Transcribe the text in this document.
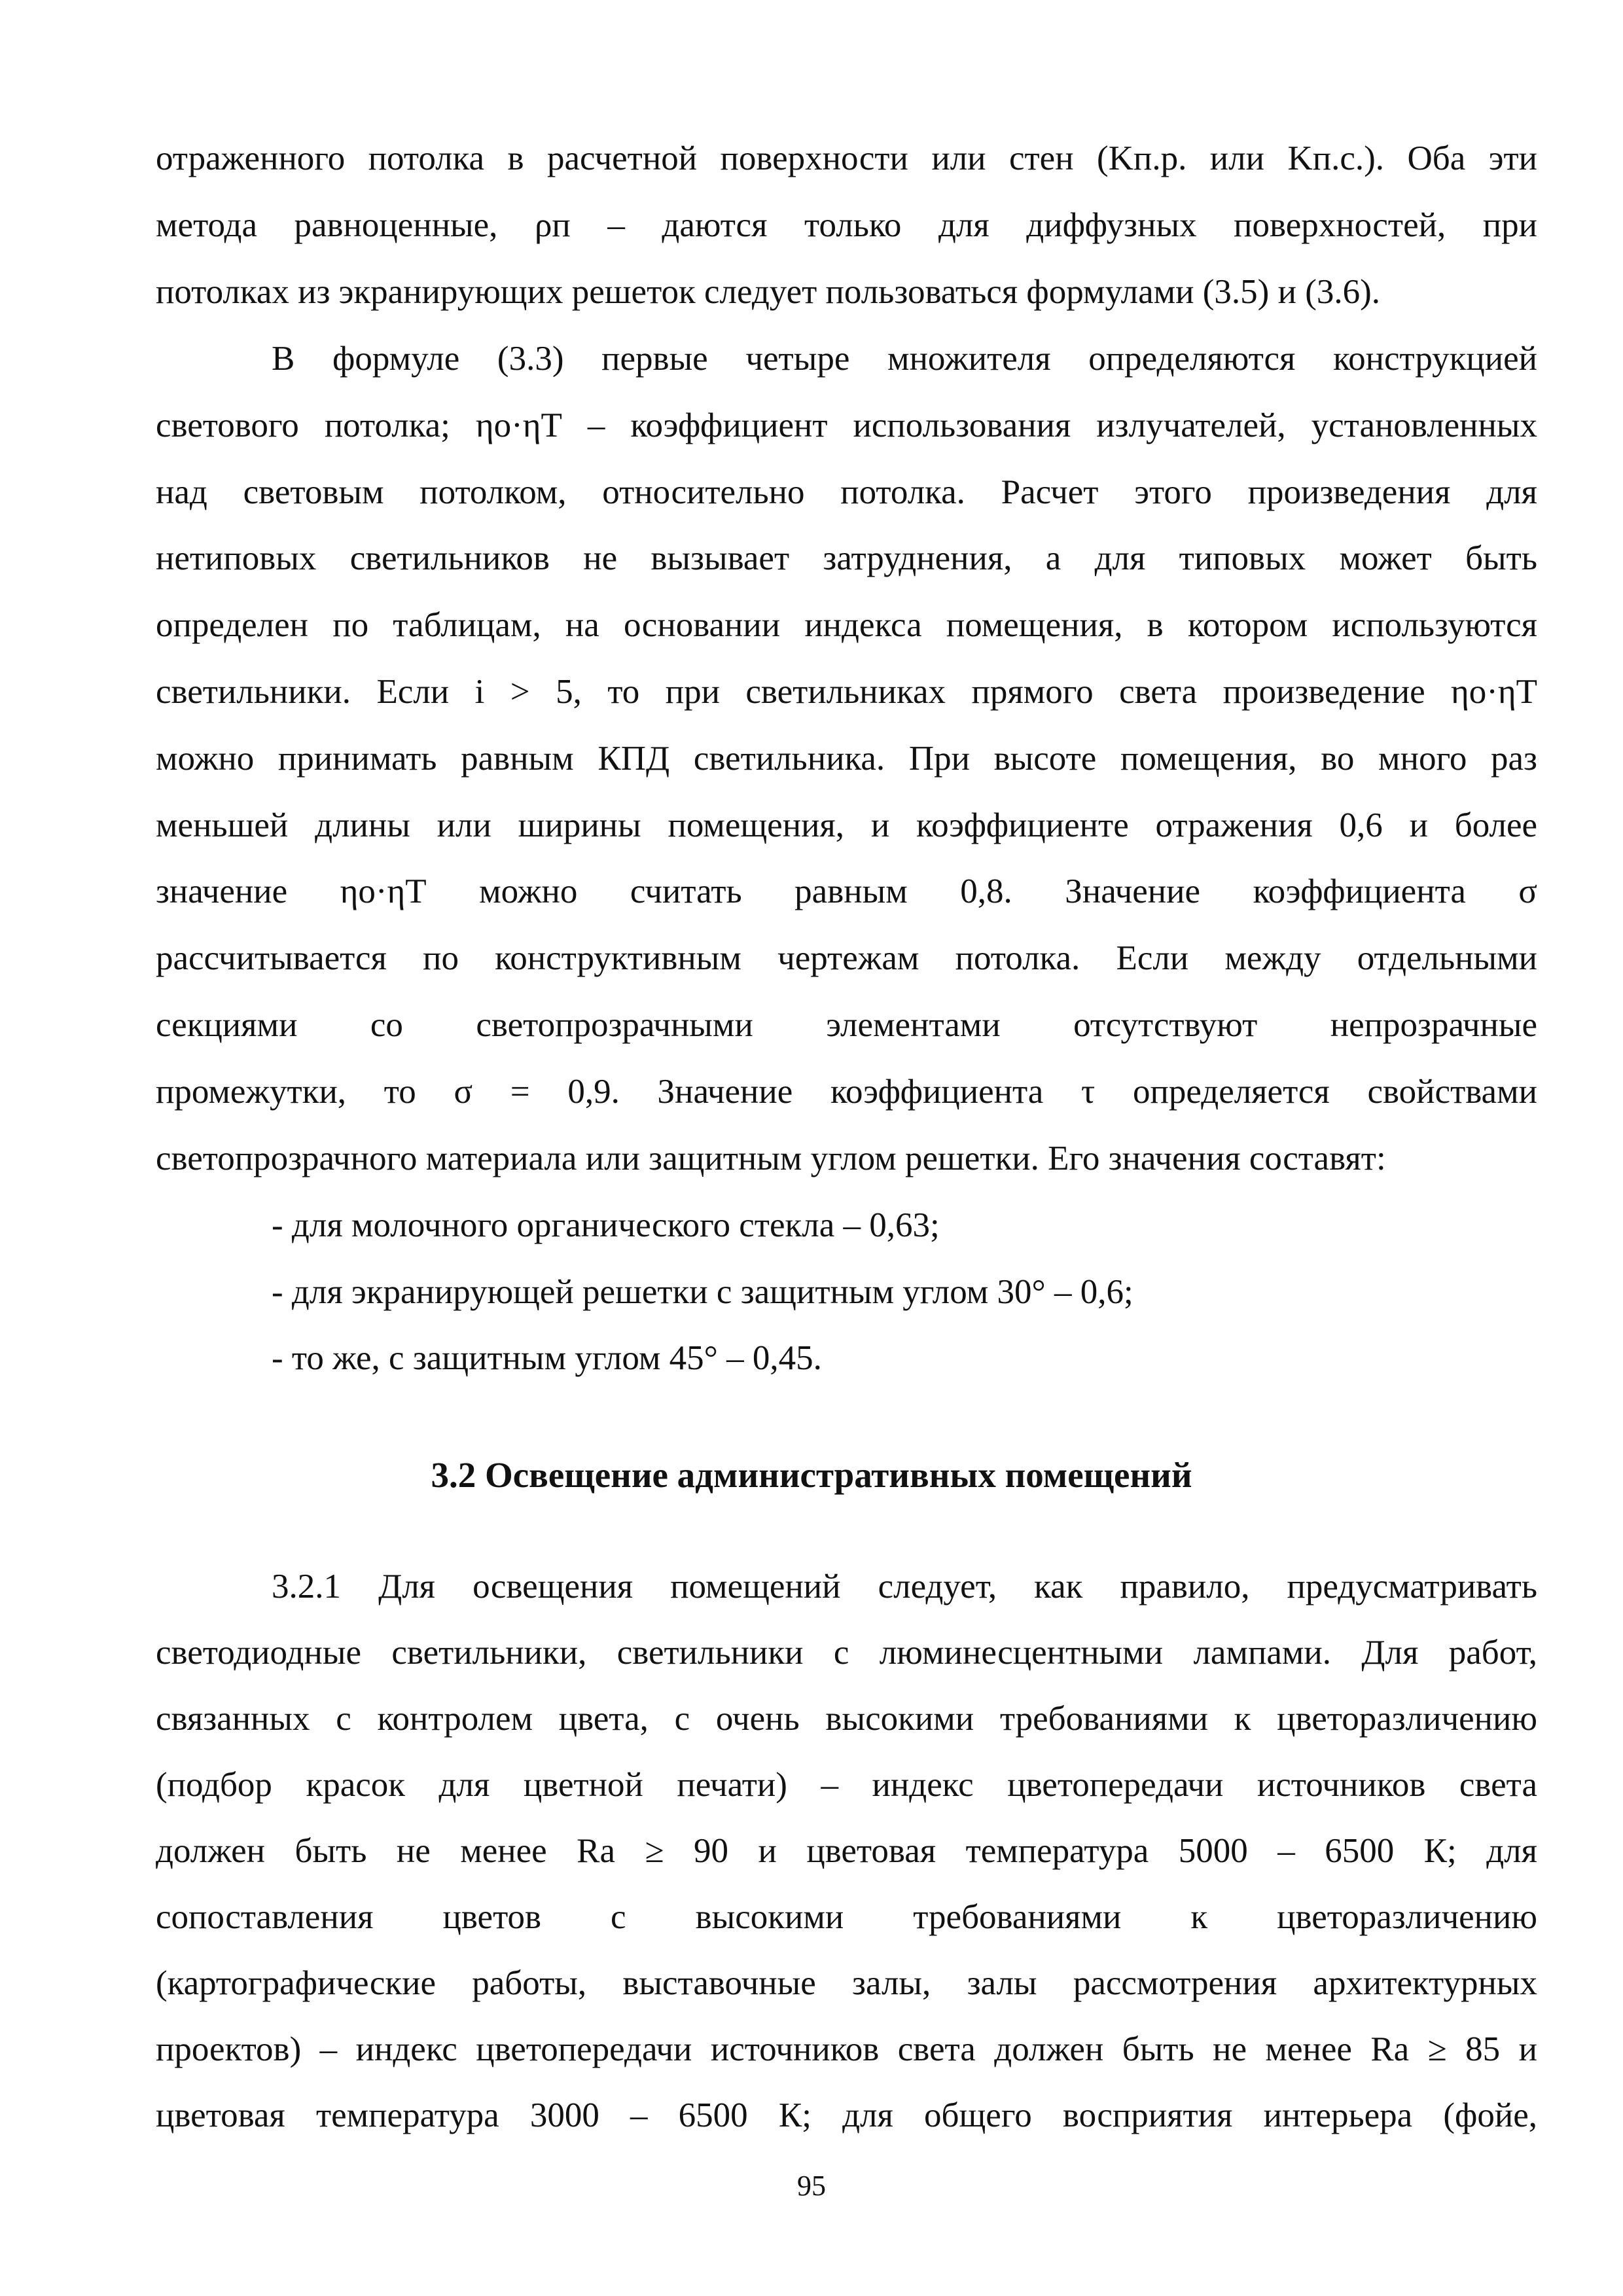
отраженного потолка в расчетной поверхности или стен (Kп.р. или Kп.с.). Оба эти
метода равноценные, ρп – даются только для диффузных поверхностей, при
потолках из экранирующих решеток следует пользоваться формулами (3.5) и (3.6).
В формуле (3.3) первые четыре множителя определяются конструкцией
светового потолка; ηо·ηТ – коэффициент использования излучателей, установленных
над световым потолком, относительно потолка. Расчет этого произведения для
нетиповых светильников не вызывает затруднения, а для типовых может быть
определен по таблицам, на основании индекса помещения, в котором используются
светильники. Если i > 5, то при светильниках прямого света произведение ηо·ηТ
можно принимать равным КПД светильника. При высоте помещения, во много раз
меньшей длины или ширины помещения, и коэффициенте отражения 0,6 и более
значение ηо·ηТ можно считать равным 0,8. Значение коэффициента σ
рассчитывается по конструктивным чертежам потолка. Если между отдельными
секциями со светопрозрачными элементами отсутствуют непрозрачные
промежутки, то σ = 0,9. Значение коэффициента τ определяется свойствами
светопрозрачного материала или защитным углом решетки. Его значения составят:
- для молочного органического стекла – 0,63;
- для экранирующей решетки с защитным углом 30° – 0,6;
- то же, с защитным углом 45° – 0,45.
3.2 Освещение административных помещений
3.2.1 Для освещения помещений следует, как правило, предусматривать
светодиодные светильники, светильники с люминесцентными лампами. Для работ,
связанных с контролем цвета, с очень высокими требованиями к цветоразличению
(подбор красок для цветной печати) – индекс цветопередачи источников света
должен быть не менее Ra ≥ 90 и цветовая температура 5000 – 6500 К; для
сопоставления цветов с высокими требованиями к цветоразличению
(картографические работы, выставочные залы, залы рассмотрения архитектурных
проектов) – индекс цветопередачи источников света должен быть не менее Ra ≥ 85 и
цветовая температура 3000 – 6500 К; для общего восприятия интерьера (фойе,
95
